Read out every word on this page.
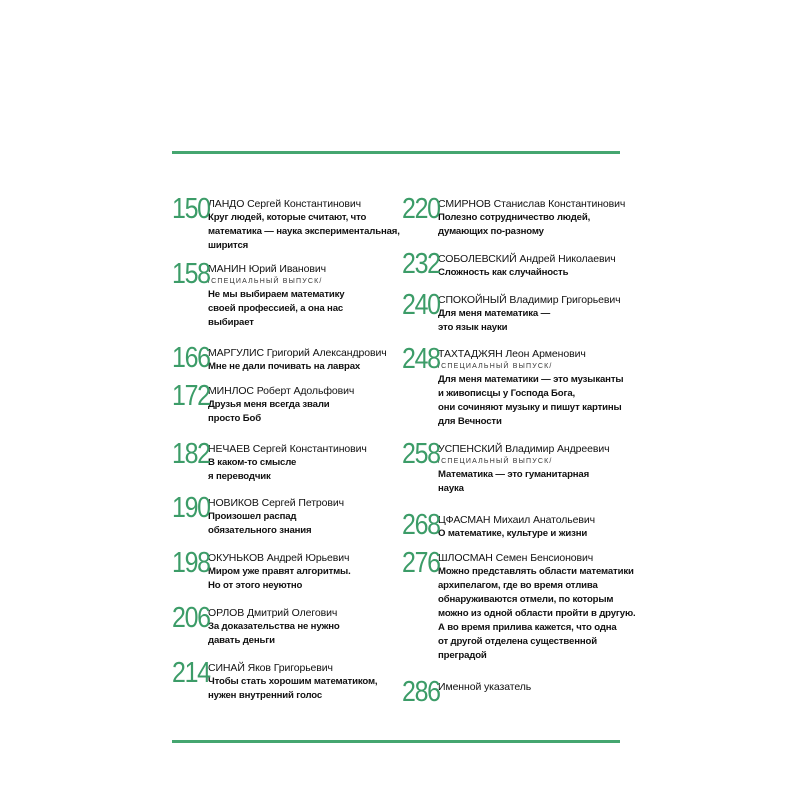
150
ЛАНДО Сергей Константинович
Круг людей, которые считают, что
математика — наука экспериментальная,
ширится
158
МАНИН Юрий Иванович
/СПЕЦИАЛЬНЫЙ ВЫПУСК/
Не мы выбираем математику
своей профессией, а она нас
выбирает
166
МАРГУЛИС Григорий Александрович
Мне не дали почивать на лаврах
172
МИНЛОС Роберт Адольфович
Друзья меня всегда звали
просто Боб
182
НЕЧАЕВ Сергей Константинович
В каком-то смысле
я переводчик
190
НОВИКОВ Сергей Петрович
Произошел распад
обязательного знания
198
ОКУНЬКОВ Андрей Юрьевич
Миром уже правят алгоритмы.
Но от этого неуютно
206
ОРЛОВ Дмитрий Олегович
За доказательства не нужно
давать деньги
214
СИНАЙ Яков Григорьевич
Чтобы стать хорошим математиком,
нужен внутренний голос
220
СМИРНОВ Станислав Константинович
Полезно сотрудничество людей,
думающих по-разному
232
СОБОЛЕВСКИЙ Андрей Николаевич
Сложность как случайность
240
СПОКОЙНЫЙ Владимир Григорьевич
Для меня математика —
это язык науки
248
ТАХТАДЖЯН Леон Арменович
/СПЕЦИАЛЬНЫЙ ВЫПУСК/
Для меня математики — это музыканты
и живописцы у Господа Бога,
они сочиняют музыку и пишут картины
для Вечности
258
УСПЕНСКИЙ Владимир Андреевич
/СПЕЦИАЛЬНЫЙ ВЫПУСК/
Математика — это гуманитарная
наука
268
ЦФАСМАН Михаил Анатольевич
О математике, культуре и жизни
276
ШЛОСМАН Семен Бенсионович
Можно представлять области математики
архипелагом, где во время отлива
обнаруживаются отмели, по которым
можно из одной области пройти в другую.
А во время прилива кажется, что одна
от другой отделена существенной
преградой
286
Именной указатель
